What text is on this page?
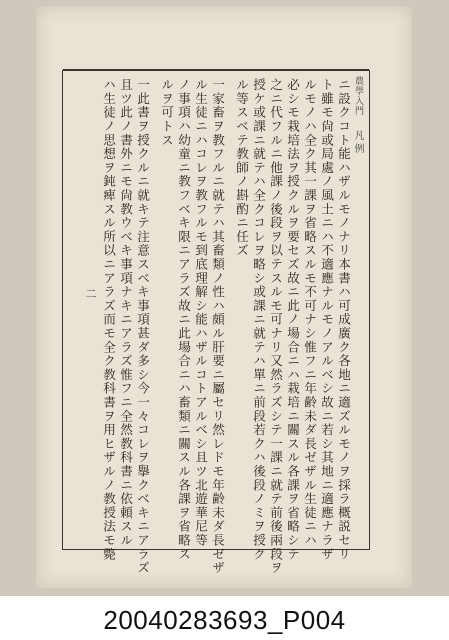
農學入門
凡例
二	ニ設クコト能ハザルモノナリ本書ハ可成廣ク各地ニ適ズルモノヲ採ラ概説セリ
ト雖モ尙或局處ノ風土ニハ不適應ナルモノアルベシ故ニ若シ其地ニ適應ナラザ
ルモノハ全ク其一課ヲ省略スルモ不可ナシ惟フニ年齢未ダ長ゼザル生徒ニハ
必シモ栽培法ヲ授クルヲ要セズ故ニ此ノ場合ニハ栽培ニ關スル各課ヲ省略シテ
之ニ代フルニ他課ノ後段ヲ以テスルモ可ナリ又然ラズシテ一課ニ就テ前後兩段ヲ
授ケ或課ニ就テハ全クコレヲ略シ或課ニ就テハ單ニ前段若クハ後段ノミヲ授ク
ル等スベテ教師ノ斟酌ニ任ズ
一家畜ヲ教フルニ就テハ其畜類ノ性ハ頗ル肝要ニ屬セリ然レドモ年齢未ダ長ゼザ
ル生徒ニハコレヲ教フルモ到底理解シ能ハザルコトアルベシ且ツ北遊華尼等
ノ事項ハ幼童ニ教フベキ限ニアラズ故ニ此場合ニハ畜類ニ關スル各課ヲ省略ス
ルヲ可トス
一此書ヲ授クルニ就キテ注意スベキ事項甚ダ多シ今一々コレヲ擧クベキニアラズ
且ツ此ノ書外ニモ尙教ウベキ事項ナキニアラズ惟フニ全然教科書ニ依頼スル
ハ生徒ノ思想ヲ鈍痺スル所以ニアラズ而モ全ク教科書ヲ用ヒザルノ教授法モ斃
20040283693_P004
